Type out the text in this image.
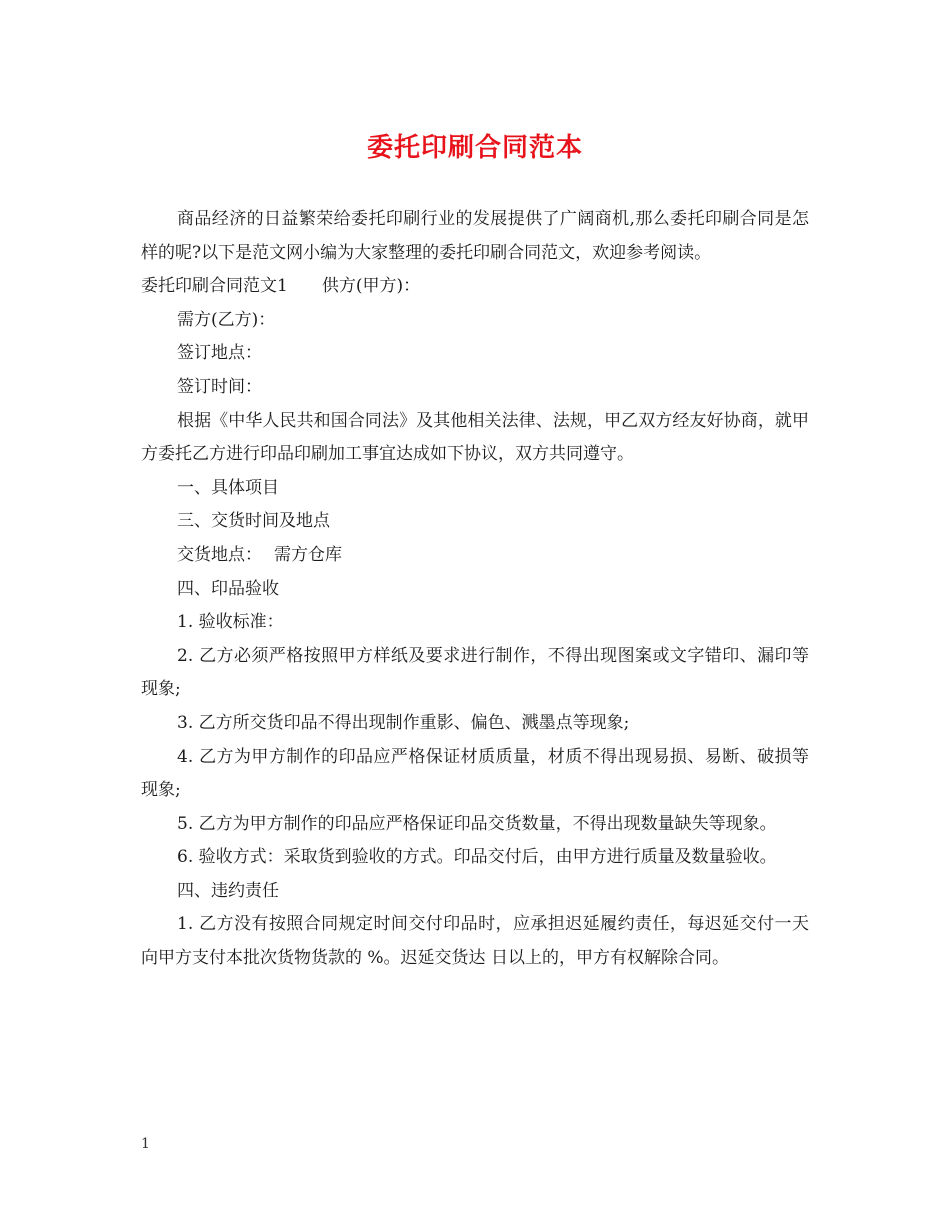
委托印刷合同范本

商品经济的日益繁荣给委托印刷行业的发展提供了广阔商机,那么委托印刷合同是怎样的呢?以下是范文网小编为大家整理的委托印刷合同范文，欢迎参考阅读。

委托印刷合同范文1 供方(甲方)：

需方(乙方)：

签订地点：

签订时间：

根据《中华人民共和国合同法》及其他相关法律、法规，甲乙双方经友好协商，就甲方委托乙方进行印品印刷加工事宜达成如下协议，双方共同遵守。

一、具体项目

三、交货时间及地点

交货地点： 需方仓库

四、印品验收

1. 验收标准：

2. 乙方必须严格按照甲方样纸及要求进行制作，不得出现图案或文字错印、漏印等现象;

3. 乙方所交货印品不得出现制作重影、偏色、溅墨点等现象;

4. 乙方为甲方制作的印品应严格保证材质质量，材质不得出现易损、易断、破损等现象;

5. 乙方为甲方制作的印品应严格保证印品交货数量，不得出现数量缺失等现象。

6. 验收方式：采取货到验收的方式。印品交付后，由甲方进行质量及数量验收。

四、违约责任

1. 乙方没有按照合同规定时间交付印品时，应承担迟延履约责任，每迟延交付一天向甲方支付本批次货物货款的 %。迟延交货达 日以上的，甲方有权解除合同。

1
